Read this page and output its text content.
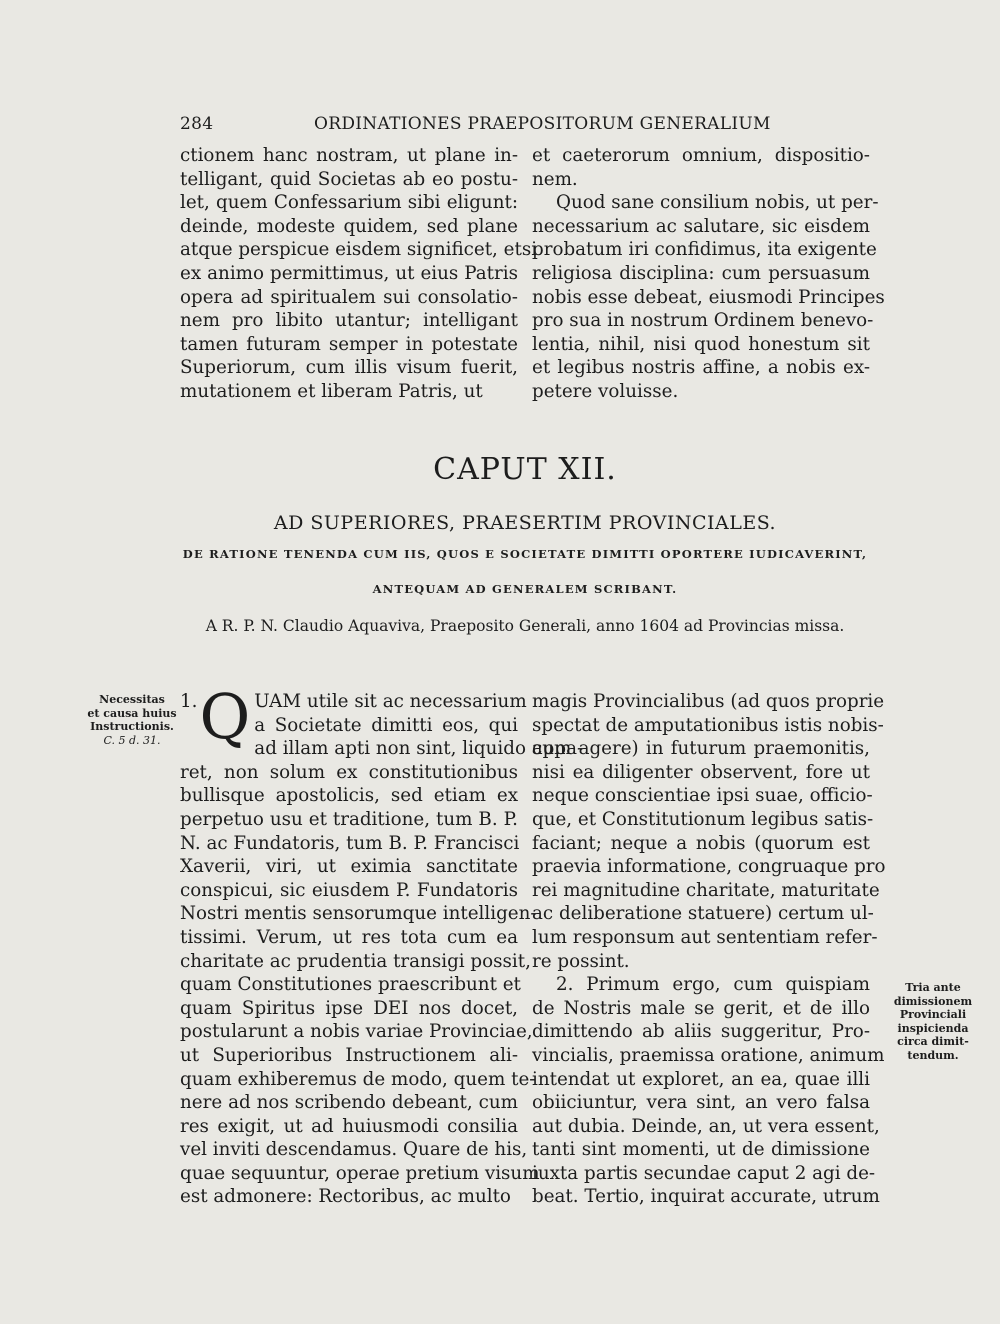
284	ORDINATIONES PRAEPOSITORUM GENERALIUM
ctionem hanc nostram, ut plane in-
telligant, quid Societas ab eo postu-
let, quem Confessarium sibi eligunt:
deinde, modeste quidem, sed plane
atque perspicue eisdem significet, etsi
ex animo permittimus, ut eius Patris
opera ad spiritualem sui consolatio-
nem pro libito utantur; intelligant
tamen futuram semper in potestate
Superiorum, cum illis visum fuerit,
mutationem et liberam Patris, ut
et caeterorum omnium, dispositio-
nem.
Quod sane consilium nobis, ut per-
necessarium ac salutare, sic eisdem
probatum iri confidimus, ita exigente
religiosa disciplina: cum persuasum
nobis esse debeat, eiusmodi Principes
pro sua in nostrum Ordinem benevo-
lentia, nihil, nisi quod honestum sit
et legibus nostris affine, a nobis ex-
petere voluisse.
CAPUT XII.
AD SUPERIORES, PRAESERTIM PROVINCIALES.
DE RATIONE TENENDA CUM IIS, QUOS E SOCIETATE DIMITTI OPORTERE IUDICAVERINT,
ANTEQUAM AD GENERALEM SCRIBANT.
A R. P. N. Claudio Aquaviva, Praeposito Generali, anno 1604 ad Provincias missa.
1. Q UAM utile sit ac necessarium
a Societate dimitti eos, qui
ad illam apti non sint, liquido appa-
ret, non solum ex constitutionibus
bullisque apostolicis, sed etiam ex
perpetuo usu et traditione, tum B. P.
N. ac Fundatoris, tum B. P. Francisci
Xaverii, viri, ut eximia sanctitate
conspicui, sic eiusdem P. Fundatoris
Nostri mentis sensorumque intelligen-
tissimi. Verum, ut res tota cum ea
charitate ac prudentia transigi possit,
quam Constitutiones praescribunt et
quam Spiritus ipse DEI nos docet,
postularunt a nobis variae Provinciae,
ut Superioribus Instructionem ali-
quam exhiberemus de modo, quem te-
nere ad nos scribendo debeant, cum
res exigit, ut ad huiusmodi consilia
vel inviti descendamus. Quare de his,
quae sequuntur, operae pretium visum
est admonere: Rectoribus, ac multo
magis Provincialibus (ad quos proprie
spectat de amputationibus istis nobis-
cum agere) in futurum praemonitis,
nisi ea diligenter observent, fore ut
neque conscientiae ipsi suae, officio-
que, et Constitutionum legibus satis-
faciant; neque a nobis (quorum est
praevia informatione, congruaque pro
rei magnitudine charitate, maturitate
ac deliberatione statuere) certum ul-
lum responsum aut sententiam refer-
re possint.
2. Primum ergo, cum quispiam
de Nostris male se gerit, et de illo
dimittendo ab aliis suggeritur, Pro-
vincialis, praemissa oratione, animum
intendat ut exploret, an ea, quae illi
obiiciuntur, vera sint, an vero falsa
aut dubia. Deinde, an, ut vera essent,
tanti sint momenti, ut de dimissione
iuxta partis secundae caput 2 agi de-
beat. Tertio, inquirat accurate, utrum
Necessitas
et causa huius
Instructionis.
C. 5 d. 31.
Tria ante
dimissionem
Provinciali
inspicienda
circa dimit-
tendum.
